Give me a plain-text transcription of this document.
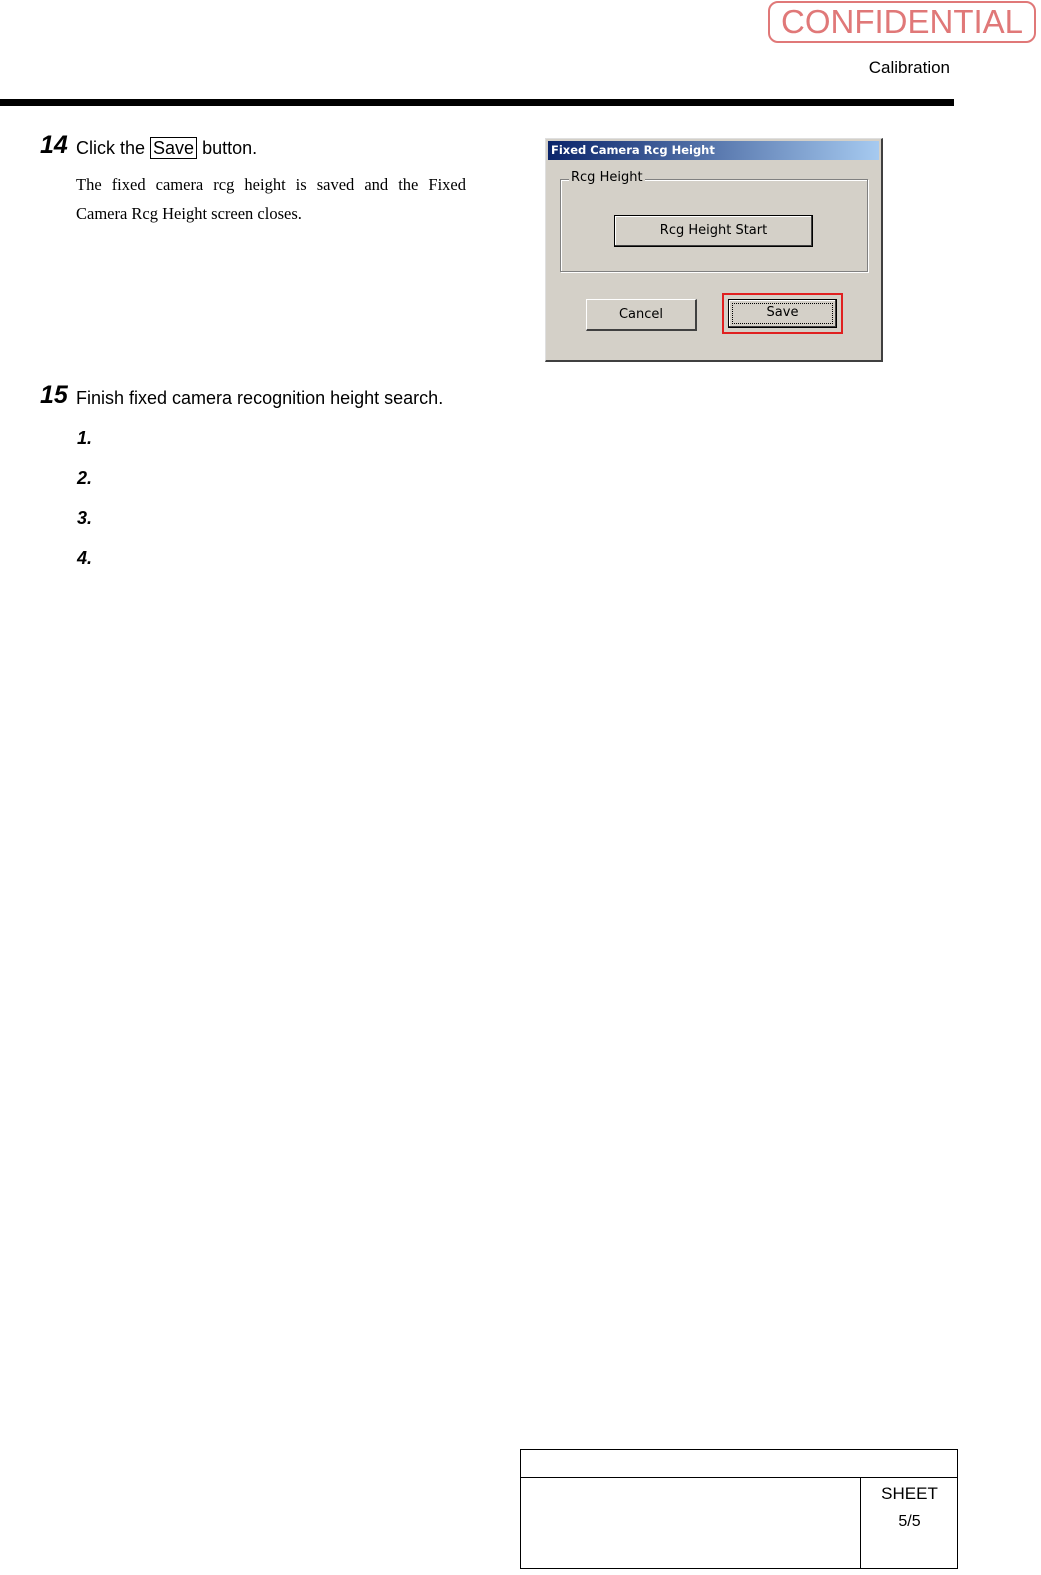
CONFIDENTIAL
Calibration
14 Click the Save button.
The fixed camera rcg height is saved and the Fixed Camera Rcg Height screen closes.
Fixed Camera Rcg Height
Rcg Height
Rcg Height Start
Cancel	Save
15 Finish fixed camera recognition height search.
1.
2.
3.
4.
SHEET
5/5
